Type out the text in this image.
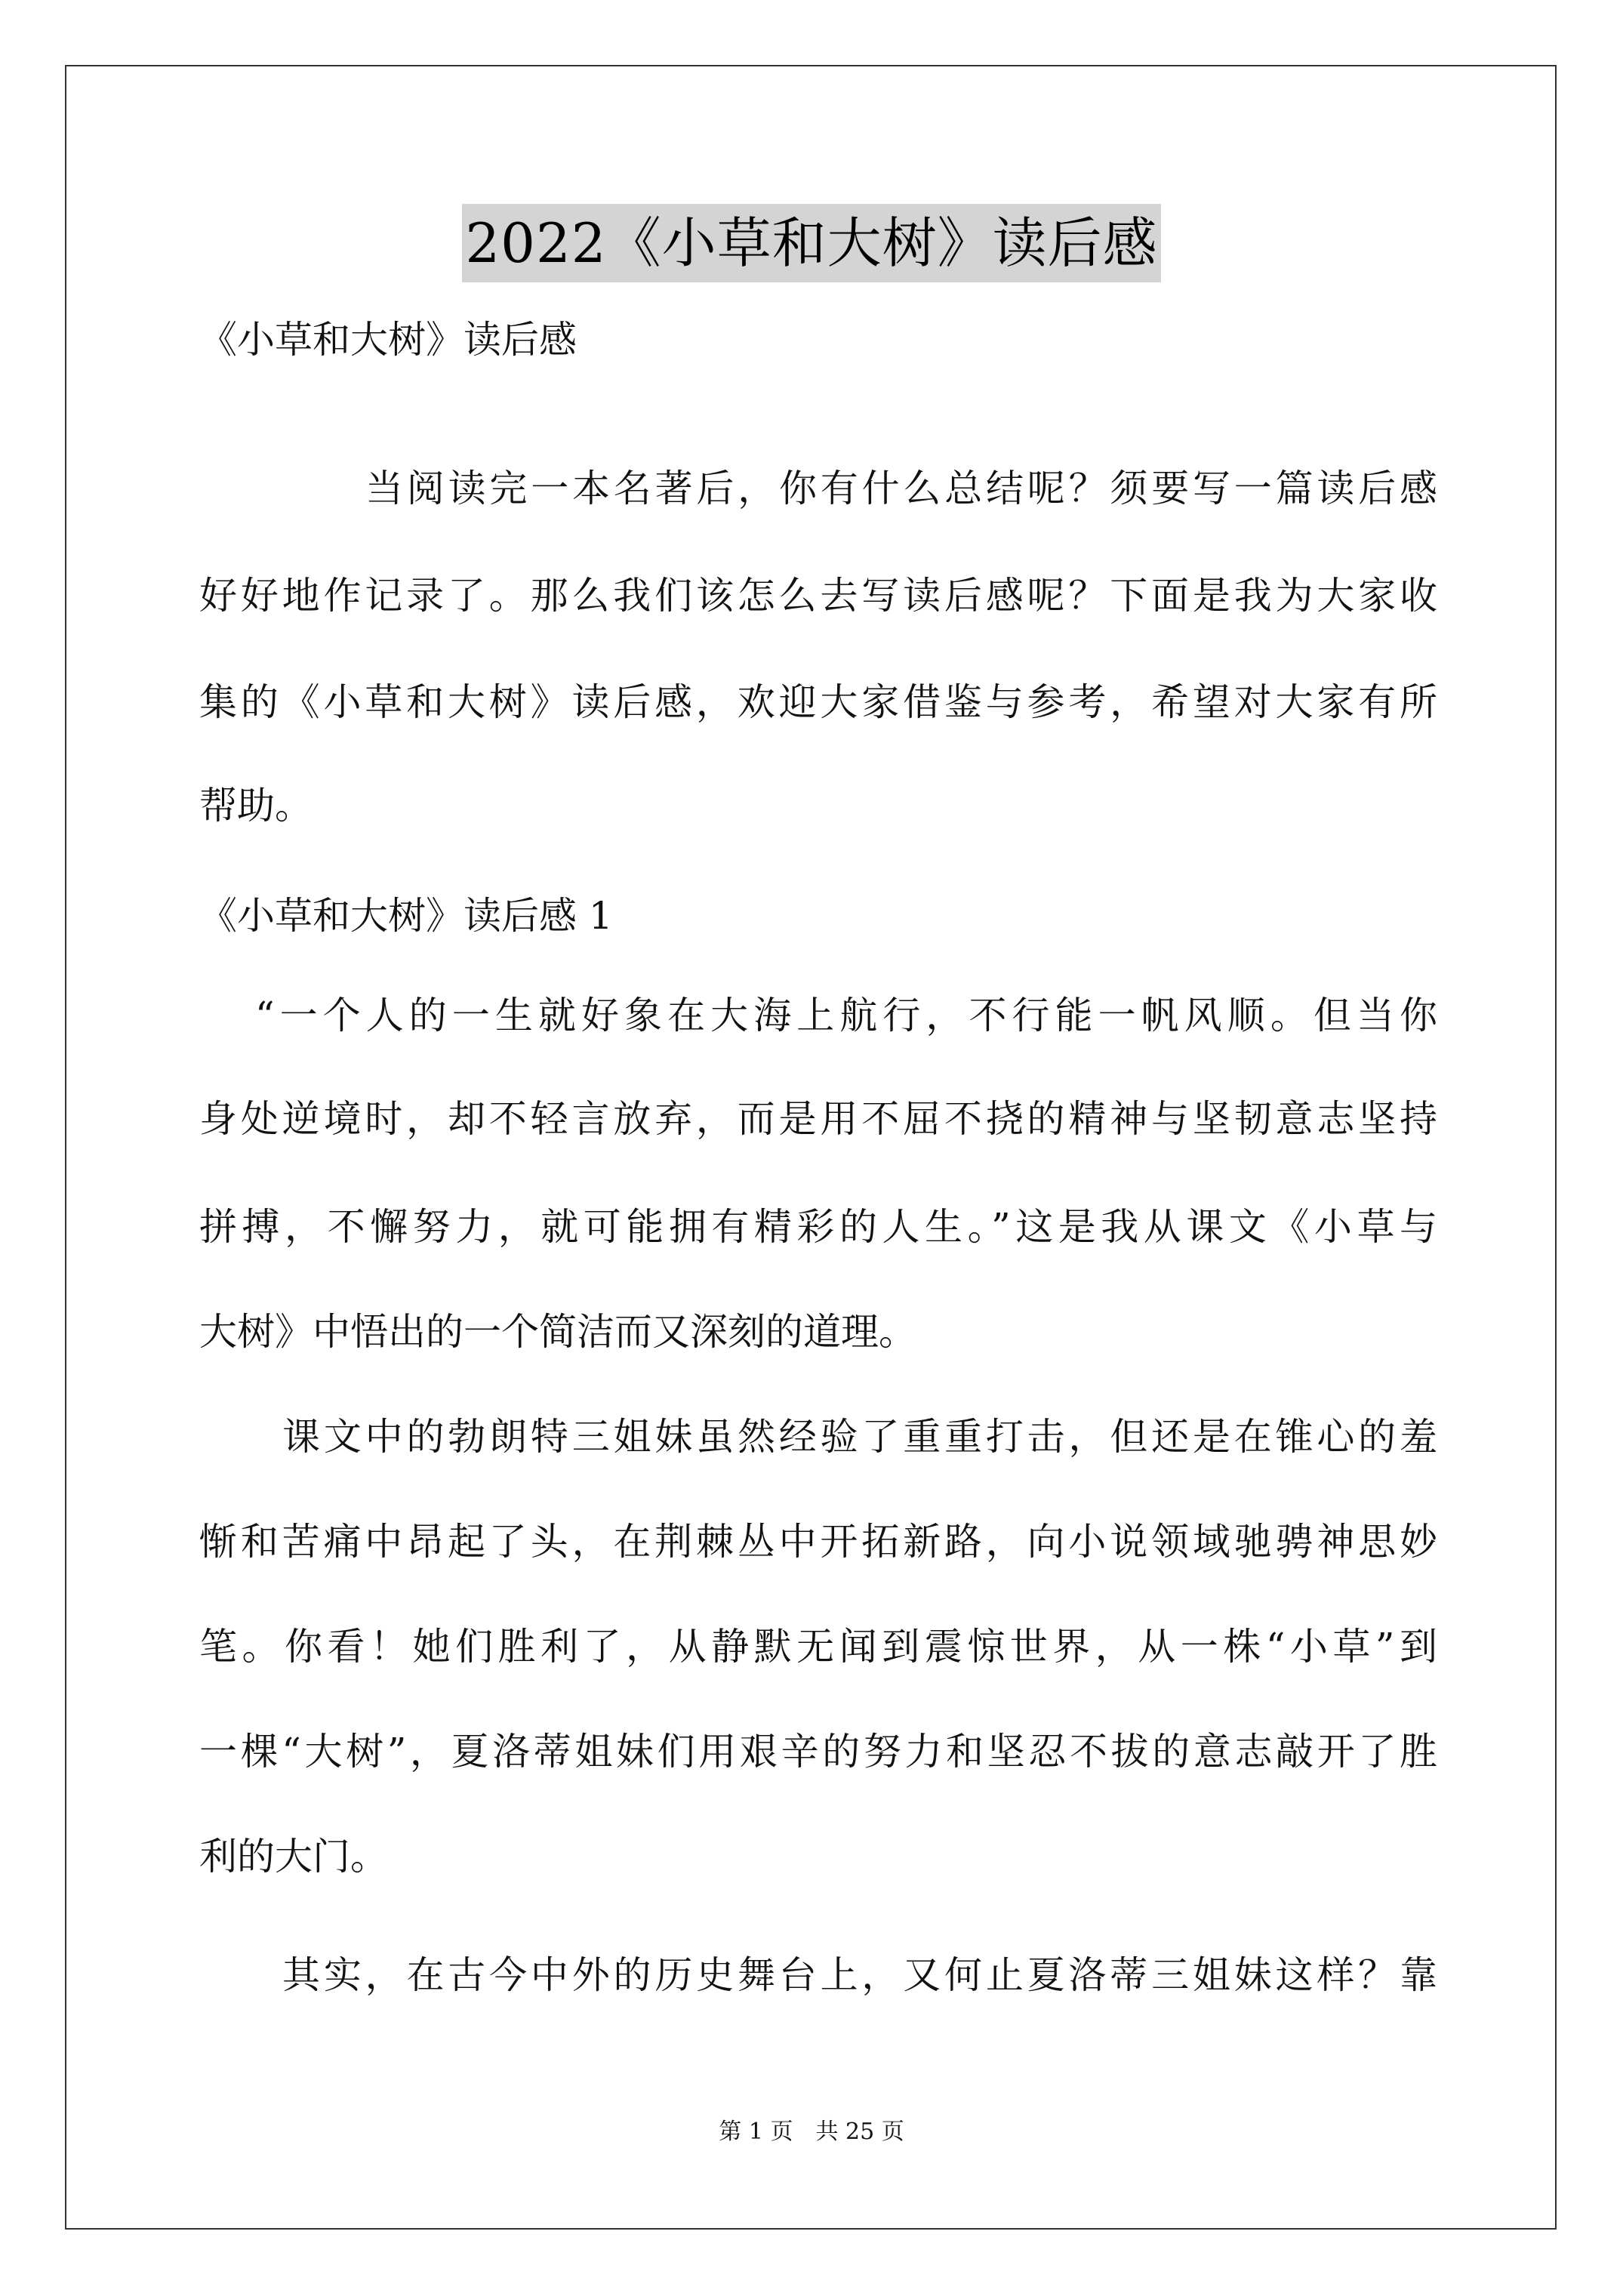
2022《小草和大树》读后感
《小草和大树》读后感
当阅读完一本名著后，你有什么总结呢？须要写一篇读后感
好好地作记录了。那么我们该怎么去写读后感呢？下面是我为大家收
集的《小草和大树》读后感，欢迎大家借鉴与参考，希望对大家有所
帮助。
《小草和大树》读后感 1
“一个人的一生就好象在大海上航行，不行能一帆风顺。但当你
身处逆境时，却不轻言放弃，而是用不屈不挠的精神与坚韧意志坚持
拼搏，不懈努力，就可能拥有精彩的人生。”这是我从课文《小草与
大树》中悟出的一个简洁而又深刻的道理。
课文中的勃朗特三姐妹虽然经验了重重打击，但还是在锥心的羞
惭和苦痛中昂起了头，在荆棘丛中开拓新路，向小说领域驰骋神思妙
笔。你看！她们胜利了，从静默无闻到震惊世界，从一株“小草”到
一棵“大树”，夏洛蒂姐妹们用艰辛的努力和坚忍不拔的意志敲开了胜
利的大门。
其实，在古今中外的历史舞台上，又何止夏洛蒂三姐妹这样？靠
第 1 页　共 25 页
